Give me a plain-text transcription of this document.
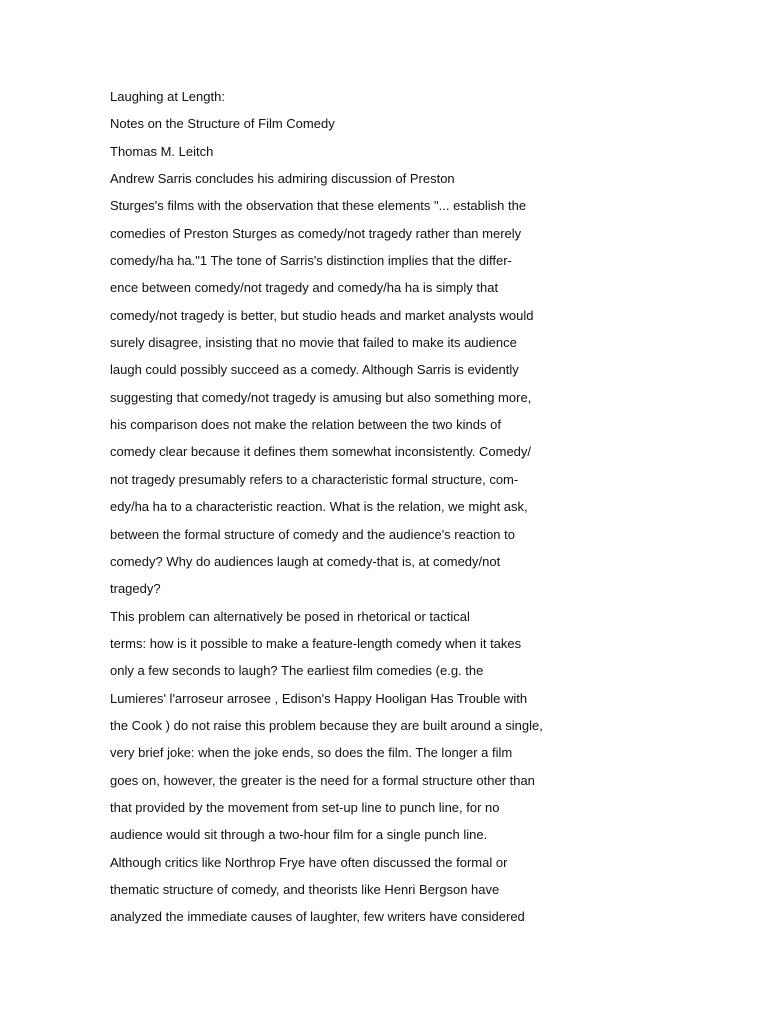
Laughing at Length:
Notes on the Structure of Film Comedy
Thomas M. Leitch
Andrew Sarris concludes his admiring discussion of Preston
Sturges's films with the observation that these elements "... establish the
comedies of Preston Sturges as comedy/not tragedy rather than merely
comedy/ha ha."1 The tone of Sarris's distinction implies that the differ-
ence between comedy/not tragedy and comedy/ha ha is simply that
comedy/not tragedy is better, but studio heads and market analysts would
surely disagree, insisting that no movie that failed to make its audience
laugh could possibly succeed as a comedy. Although Sarris is evidently
suggesting that comedy/not tragedy is amusing but also something more,
his comparison does not make the relation between the two kinds of
comedy clear because it defines them somewhat inconsistently. Comedy/
not tragedy presumably refers to a characteristic formal structure, com-
edy/ha ha to a characteristic reaction. What is the relation, we might ask,
between the formal structure of comedy and the audience's reaction to
comedy? Why do audiences laugh at comedy-that is, at comedy/not
tragedy?
This problem can alternatively be posed in rhetorical or tactical
terms: how is it possible to make a feature-length comedy when it takes
only a few seconds to laugh? The earliest film comedies (e.g. the
Lumieres' l'arroseur arrosee , Edison's Happy Hooligan Has Trouble with
the Cook ) do not raise this problem because they are built around a single,
very brief joke: when the joke ends, so does the film. The longer a film
goes on, however, the greater is the need for a formal structure other than
that provided by the movement from set-up line to punch line, for no
audience would sit through a two-hour film for a single punch line.
Although critics like Northrop Frye have often discussed the formal or
thematic structure of comedy, and theorists like Henri Bergson have
analyzed the immediate causes of laughter, few writers have considered
